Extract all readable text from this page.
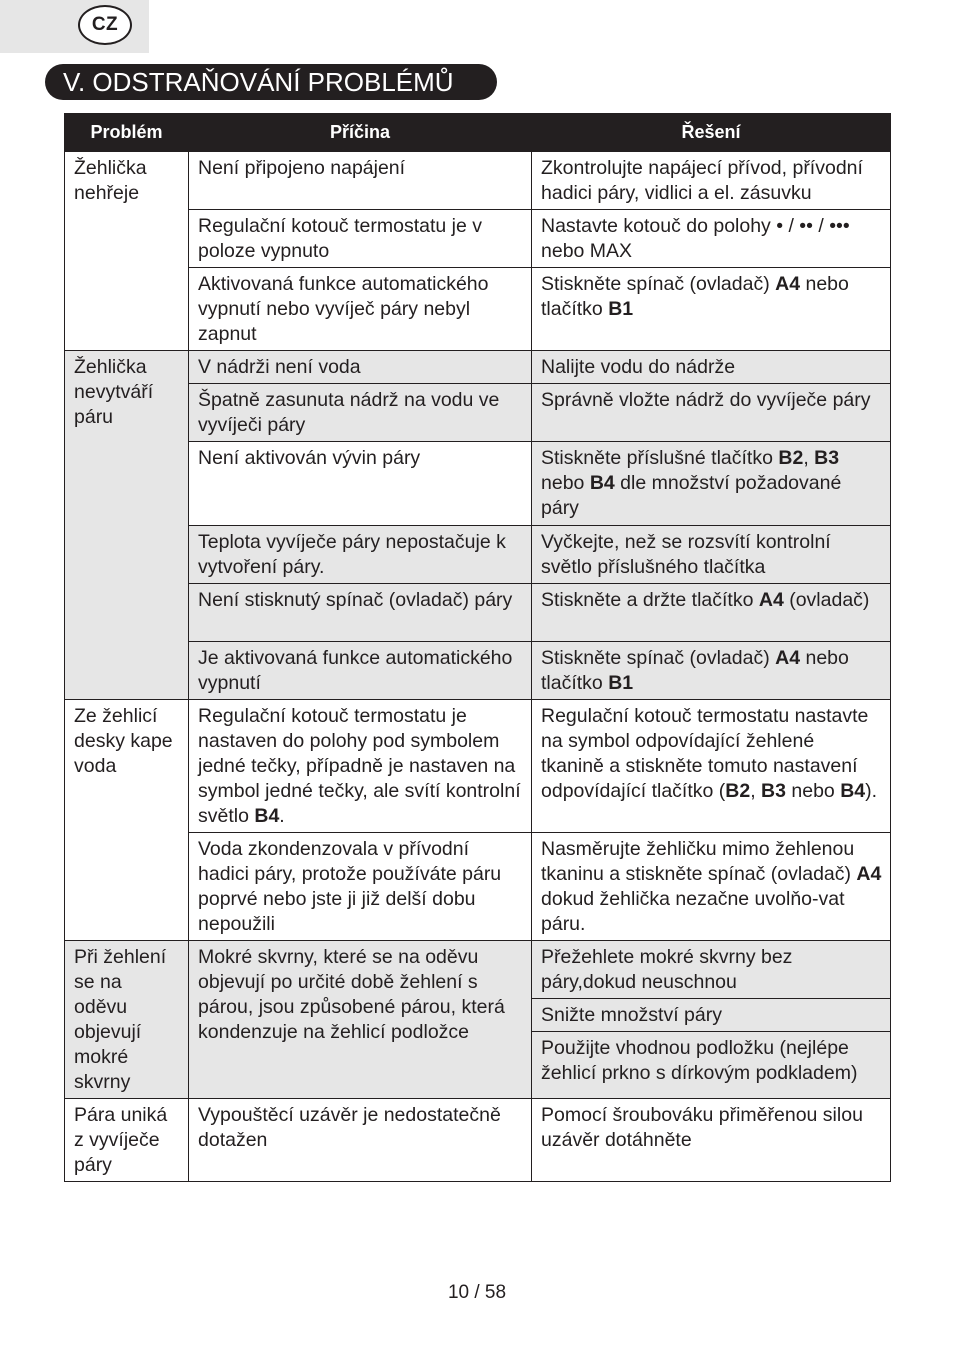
CZ
V. ODSTRAŇOVÁNÍ PROBLÉMŮ
Problém	Příčina	Řešení
Žehlička nehřeje	Není připojeno napájení	Zkontrolujte napájecí přívod, přívodní hadici páry, vidlici a el. zásuvku
	Regulační kotouč termostatu je v poloze vypnuto	Nastavte kotouč do polohy • / •• / ••• nebo MAX
	Aktivovaná funkce automatického vypnutí nebo vyvíječ páry nebyl zapnut	Stiskněte spínač (ovladač) A4 nebo tlačítko B1
Žehlička nevytváří páru	V nádrži není voda	Nalijte vodu do nádrže
	Špatně zasunuta nádrž na vodu ve vyvíječi páry	Správně vložte nádrž do vyvíječe páry
	Není aktivován vývin páry	Stiskněte příslušné tlačítko B2, B3 nebo B4 dle množství požadované páry
	Teplota vyvíječe páry nepostačuje k vytvoření páry.	Vyčkejte, než se rozsvítí kontrolní světlo příslušného tlačítka
	Není stisknutý spínač (ovladač) páry	Stiskněte a držte tlačítko A4 (ovladač)
	Je aktivovaná funkce automatického vypnutí	Stiskněte spínač (ovladač) A4 nebo tlačítko B1
Ze žehlicí desky kape voda	Regulační kotouč termostatu je nastaven do polohy pod symbolem jedné tečky, případně je nastaven na symbol jedné tečky, ale svítí kontrolní světlo B4.	Regulační kotouč termostatu nastavte na symbol odpovídající žehlené tkanině a stiskněte tomuto nastavení odpovídající tlačítko (B2, B3 nebo B4).
	Voda zkondenzovala v přívodní hadici páry, protože používáte páru poprvé nebo jste ji již delší dobu nepoužili	Nasměrujte žehličku mimo žehlenou tkaninu a stiskněte spínač (ovladač) A4 dokud žehlička nezačne uvolňo-vat páru.
Při žehlení se na oděvu objevují mokré skvrny	Mokré skvrny, které se na oděvu objevují po určité době žehlení s párou, jsou způsobené párou, která kondenzuje na žehlicí podložce	Přežehlete mokré skvrny bez páry,dokud neuschnou
		Snižte množství páry
		Použijte vhodnou podložku (nejlépe žehlicí prkno s dírkovým podkladem)
Pára uniká z vyvíječe páry	Vypouštěcí uzávěr je nedostatečně dotažen	Pomocí šroubováku přiměřenou silou uzávěr dotáhněte
10 / 58
